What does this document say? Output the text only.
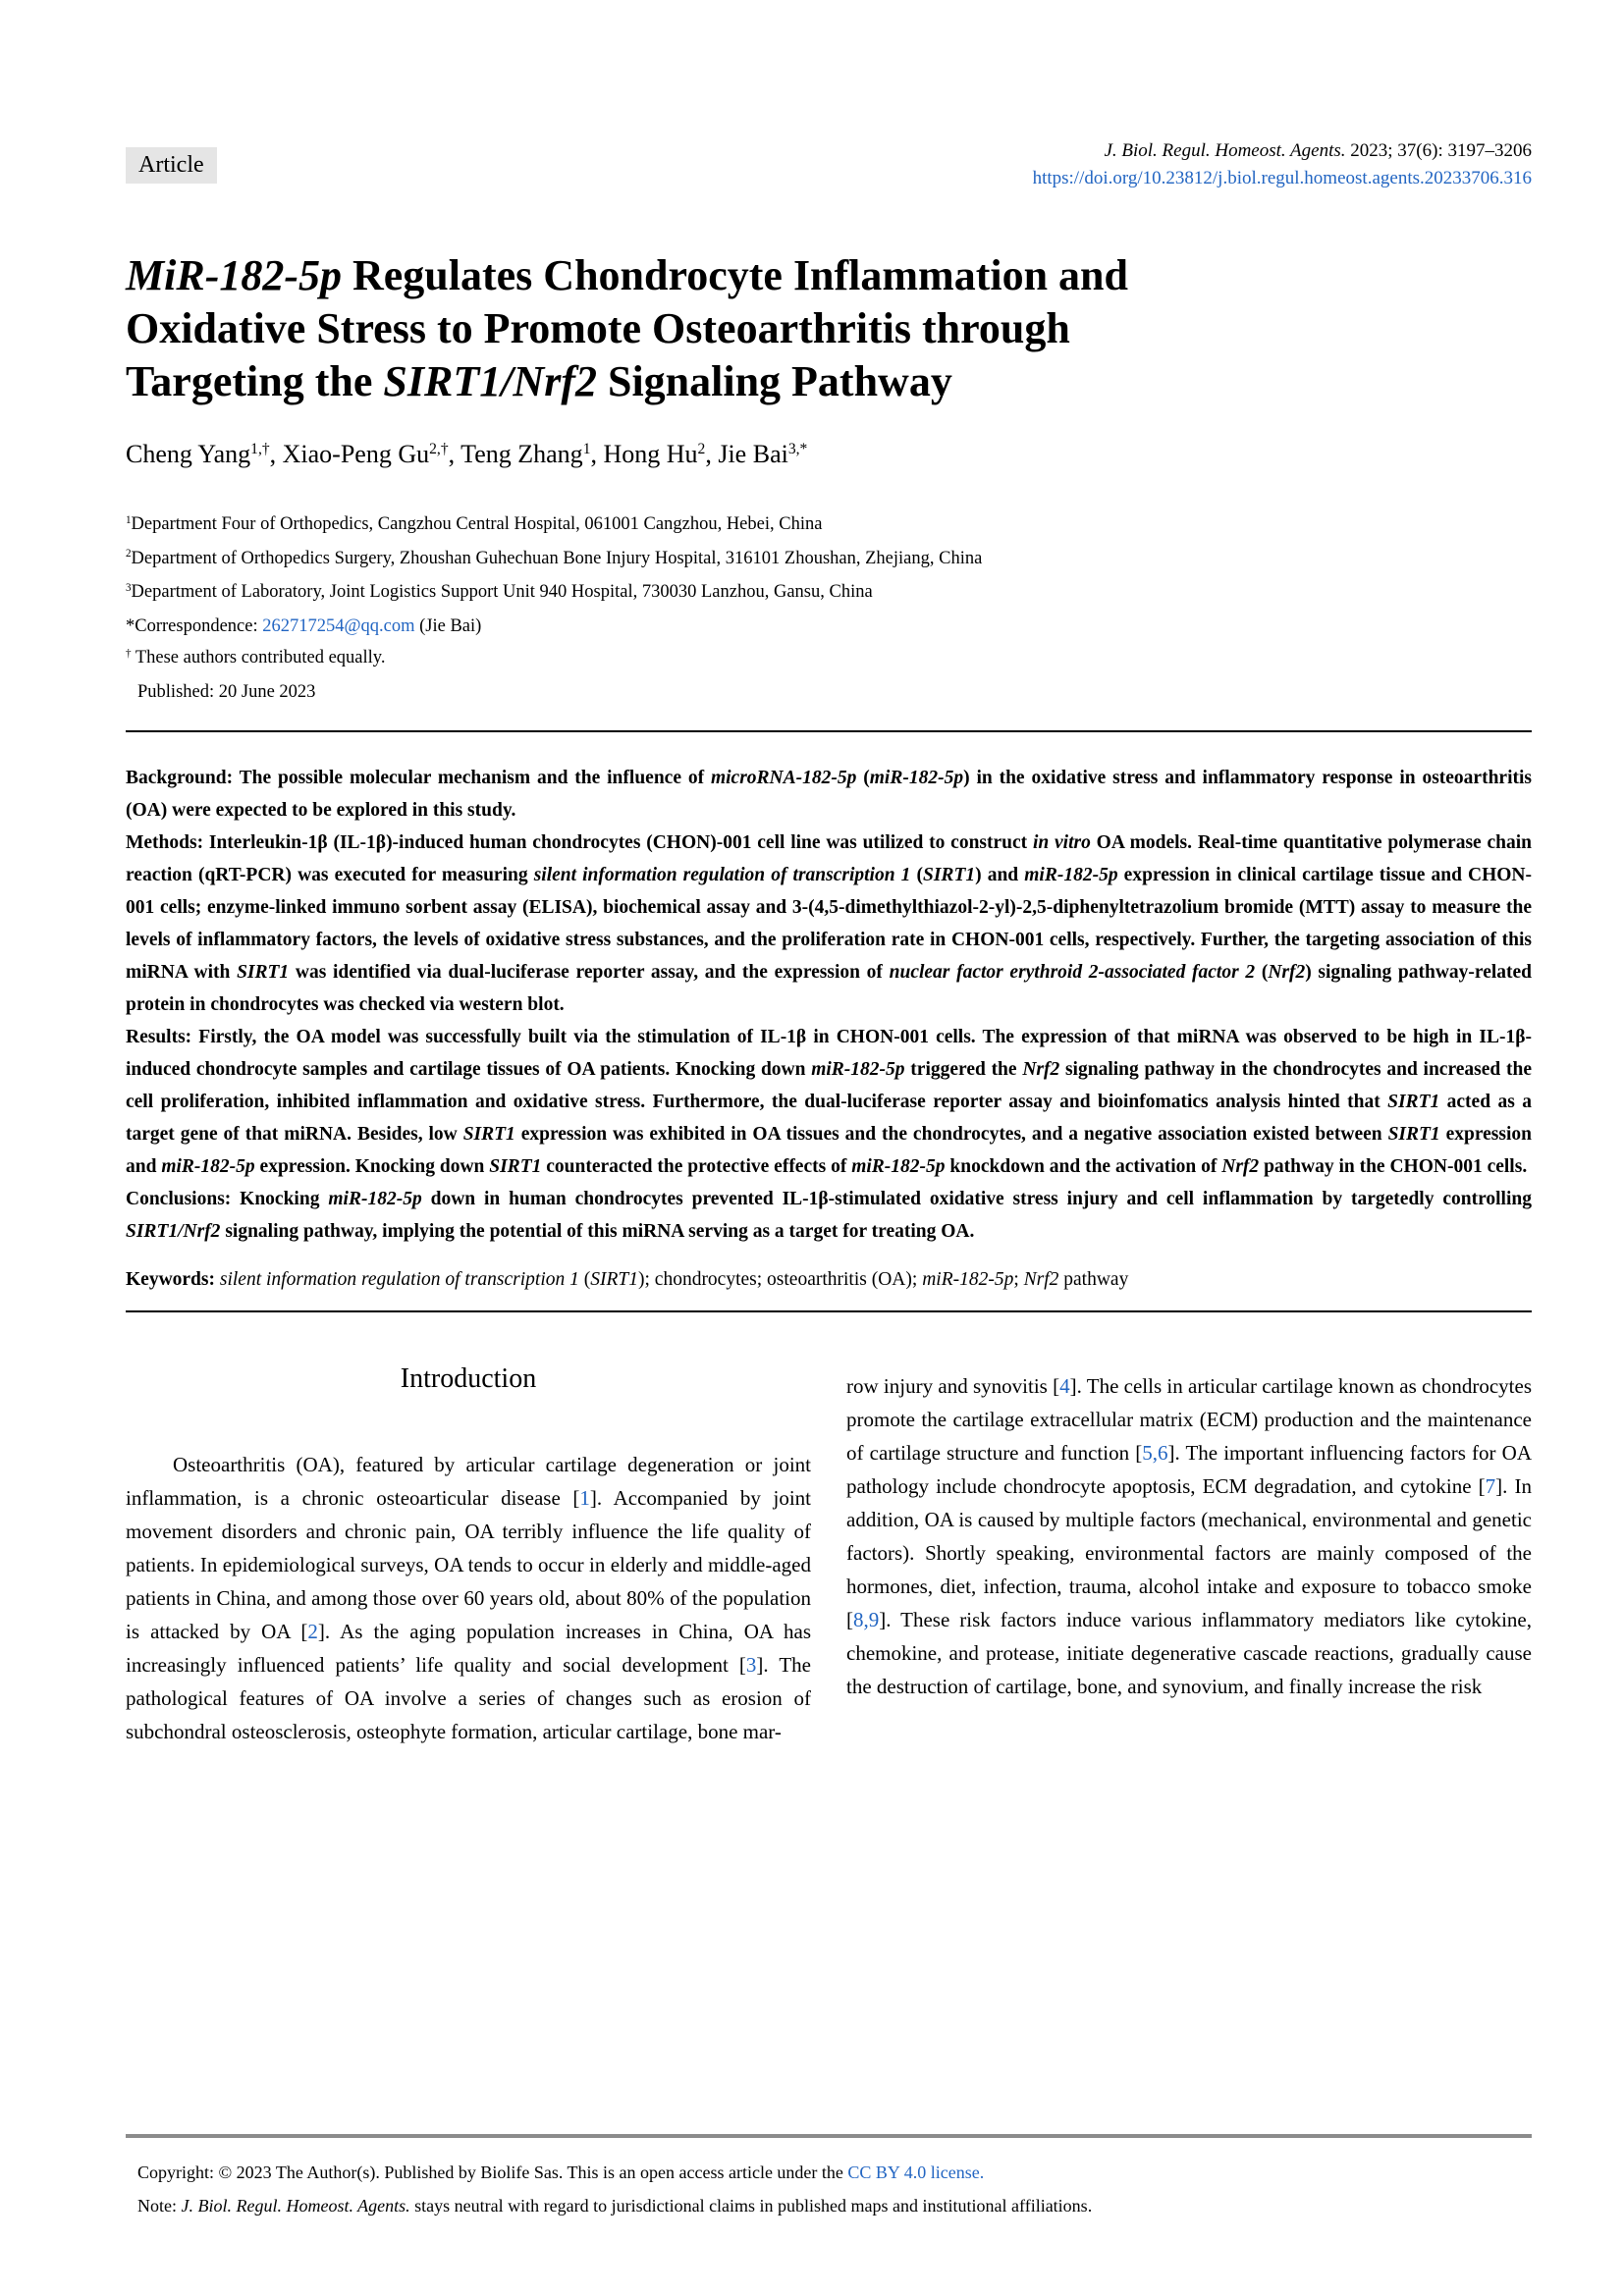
Article
J. Biol. Regul. Homeost. Agents. 2023; 37(6): 3197–3206
https://doi.org/10.23812/j.biol.regul.homeost.agents.20233706.316
MiR-182-5p Regulates Chondrocyte Inflammation and
Oxidative Stress to Promote Osteoarthritis through
Targeting the SIRT1/Nrf2 Signaling Pathway
Cheng Yang$^{1,\dagger}$, Xiao-Peng $Gu^{2,\dagger}$, Teng Zhang$^1$, Hong Hu$^2$, Jie Bai$^{3,*}$
$^1$Department Four of Orthopedics, Cangzhou Central Hospital, 061001 Cangzhou, Hebei, China
$^2$Department of Orthopedics Surgery, Zhoushan Guhechuan Bone Injury Hospital, 316101 Zhoushan, Zhejiang, China
$^3$Department of Laboratory, Joint Logistics Support Unit 940 Hospital, 730030 Lanzhou, Gansu, China
*Correspondence: 262717254@qq.com (Jie Bai)
† These authors contributed equally.
Published: 20 June 2023

Background: The possible molecular mechanism and the influence of microRNA-182-5p (miR-182-5p) in the oxidative stress and inflammatory response in osteoarthritis (OA) were expected to be explored in this study.

Methods: Interleukin-1β (IL-1β)-induced human chondrocytes (CHON)-001 cell line was utilized to construct in vitro OA models. Real-time quantitative polymerase chain reaction (qRT-PCR) was executed for measuring silent information regulation of transcription 1 (SIRT1) and miR-182-5p expression in clinical cartilage tissue and CHON-001 cells; enzyme-linked immuno sorbent assay (ELISA), biochemical assay and 3-(4,5-dimethylthiazol-2-yl)-2,5-diphenyltetrazolium bromide (MTT) assay to measure the levels of inflammatory factors, the levels of oxidative stress substances, and the proliferation rate in CHON-001 cells, respectively. Further, the targeting association of this miRNA with SIRT1 was identified via dual-luciferase reporter assay, and the expression of nuclear factor erythroid 2-associated factor 2 (Nrf2) signaling pathway-related protein in chondrocytes was checked via western blot.

Results: Firstly, the OA model was successfully built via the stimulation of IL-1β in CHON-001 cells. The expression of that miRNA was observed to be high in IL-1β-induced chondrocyte samples and cartilage tissues of OA patients. Knocking down miR-182-5p triggered the Nrf2 signaling pathway in the chondrocytes and increased the cell proliferation, inhibited inflammation and oxidative stress. Furthermore, the dual-luciferase reporter assay and bioinfomatics analysis hinted that SIRT1 acted as a target gene of that miRNA. Besides, low SIRT1 expression was exhibited in OA tissues and the chondrocytes, and a negative association existed between SIRT1 expression and miR-182-5p expression. Knocking down SIRT1 counteracted the protective effects of miR-182-5p knockdown and the activation of Nrf2 pathway in the CHON-001 cells.

Conclusions: Knocking miR-182-5p down in human chondrocytes prevented IL-1β-stimulated oxidative stress injury and cell inflammation by targetedly controlling SIRT1/Nrf2 signaling pathway, implying the potential of this miRNA serving as a target for treating OA.

Keywords: silent information regulation of transcription 1 (SIRT1); chondrocytes; osteoarthritis (OA); miR-182-5p; Nrf2 pathway
Introduction

Osteoarthritis (OA), featured by articular cartilage degeneration or joint inflammation, is a chronic osteoarticular disease [1]. Accompanied by joint movement disorders and chronic pain, OA terribly influence the life quality of patients. In epidemiological surveys, OA tends to occur in elderly and middle-aged patients in China, and among those over 60 years old, about 80% of the population is attacked by OA [2]. As the aging population increases in China, OA has increasingly influenced patients’ life quality and social development [3]. The pathological features of OA involve a series of changes such as erosion of subchondral osteosclerosis, osteophyte formation, articular cartilage, bone mar-

row injury and synovitis [4]. The cells in articular cartilage known as chondrocytes promote the cartilage extracellular matrix (ECM) production and the maintenance of cartilage structure and function [5,6]. The important influencing factors for OA pathology include chondrocyte apoptosis, ECM degradation, and cytokine [7]. In addition, OA is caused by multiple factors (mechanical, environmental and genetic factors). Shortly speaking, environmental factors are mainly composed of the hormones, diet, infection, trauma, alcohol intake and exposure to tobacco smoke [8,9]. These risk factors induce various inflammatory mediators like cytokine, chemokine, and protease, initiate degenerative cascade reactions, gradually cause the destruction of cartilage, bone, and synovium, and finally increase the risk

Copyright: © 2023 The Author(s). Published by Biolife Sas. This is an open access article under the CC BY 4.0 license.
Note: J. Biol. Regul. Homeost. Agents. stays neutral with regard to jurisdictional claims in published maps and institutional affiliations.
